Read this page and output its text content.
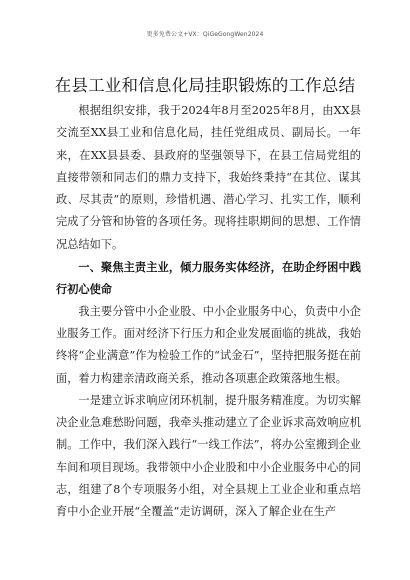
更多免费公文+VX：QiGeGongWen2024
在县工业和信息化局挂职锻炼的工作总结

根据组织安排，我于2024年8月至2025年8月，由XX县交流至XX县工业和信息化局，挂任党组成员、副局长。一年来，在XX县县委、县政府的坚强领导下，在县工信局党组的直接带领和同志们的鼎力支持下，我始终秉持“在其位、谋其政、尽其责”的原则，珍惜机遇、潜心学习、扎实工作，顺利完成了分管和协管的各项任务。现将挂职期间的思想、工作情况总结如下。

一、聚焦主责主业，倾力服务实体经济，在助企纾困中践行初心使命

我主要分管中小企业股、中小企业服务中心，负责中小企业服务工作。面对经济下行压力和企业发展面临的挑战，我始终将“企业满意”作为检验工作的“试金石”，坚持把服务挺在前面，着力构建亲清政商关系，推动各项惠企政策落地生根。

一是建立诉求响应闭环机制，提升服务精准度。为切实解决企业急难愁盼问题，我牵头推动建立了企业诉求高效响应机制。工作中，我们深入践行“一线工作法”，将办公室搬到企业车间和项目现场。我带领中小企业股和中小企业服务中心的同志，组建了8个专项服务小组，对全县规上工业企业和重点培育中小企业开展“全覆盖”走访调研，深入了解企业在生产
